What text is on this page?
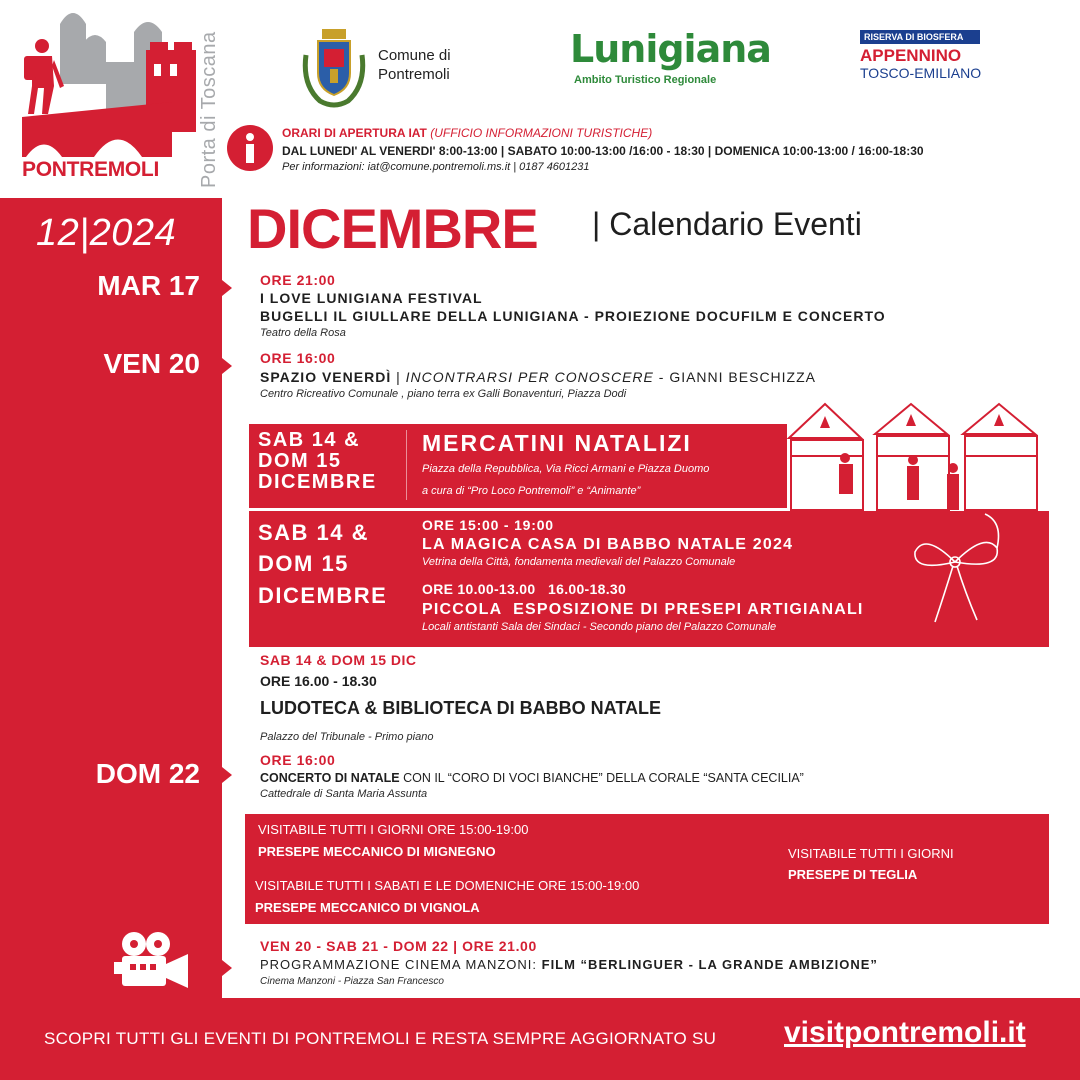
PONTREMOLI Porta di Toscana	Comune di
Pontremoli
Lunigiana
Ambito Turistico Regionale
RISERVA DI BIOSFERA
APPENNINO
TOSCO-EMILIANO
ORARI DI APERTURA IAT (UFFICIO INFORMAZIONI TURISTICHE)
DAL LUNEDI' AL VENERDI' 8:00-13:00 | SABATO 10:00-13:00 /16:00 - 18:30 | DOMENICA 10:00-13:00 / 16:00-18:30
Per informazioni: iat@comune.pontremoli.ms.it | 0187 4601231
12|2024 DICEMBRE | Calendario Eventi
MAR 17	ORE 21:00
I LOVE LUNIGIANA FESTIVAL
BUGELLI IL GIULLARE DELLA LUNIGIANA - PROIEZIONE DOCUFILM E CONCERTO
Teatro della Rosa
VEN 20	ORE 16:00
SPAZIO VENERDÌ | INCONTRARSI PER CONOSCERE - GIANNI BESCHIZZA
Centro Ricreativo Comunale , piano terra ex Galli Bonaventuri, Piazza Dodi
SAB 14 &
DOM 15
DICEMBRE
MERCATINI NATALIZI
Piazza della Repubblica, Via Ricci Armani e Piazza Duomo
a cura di “Pro Loco Pontremoli” e “Animante”
SAB 14 &
DOM 15
DICEMBRE
ORE 15:00 - 19:00
LA MAGICA CASA DI BABBO NATALE 2024
Vetrina della Città, fondamenta medievali del Palazzo Comunale
ORE 10.00-13.00   16.00-18.30
PICCOLA  ESPOSIZIONE DI PRESEPI ARTIGIANALI
Locali antistanti Sala dei Sindaci - Secondo piano del Palazzo Comunale
SAB 14 & DOM 15 DIC
ORE 16.00 - 18.30
LUDOTECA & BIBLIOTECA DI BABBO NATALE
Palazzo del Tribunale - Primo piano
DOM 22	ORE 16:00
CONCERTO DI NATALE CON IL “CORO DI VOCI BIANCHE” DELLA CORALE “SANTA CECILIA”
Cattedrale di Santa Maria Assunta
VISITABILE TUTTI I GIORNI ORE 15:00-19:00
PRESEPE MECCANICO DI MIGNEGNO	VISITABILE TUTTI I GIORNI
PRESEPE DI TEGLIA
VISITABILE TUTTI I SABATI E LE DOMENICHE ORE 15:00-19:00
PRESEPE MECCANICO DI VIGNOLA
VEN 20 - SAB 21 - DOM 22 | ORE 21.00
PROGRAMMAZIONE CINEMA MANZONI: FILM “BERLINGUER - LA GRANDE AMBIZIONE”
Cinema Manzoni - Piazza San Francesco
SCOPRI TUTTI GLI EVENTI DI PONTREMOLI E RESTA SEMPRE AGGIORNATO SU visitpontremoli.it
